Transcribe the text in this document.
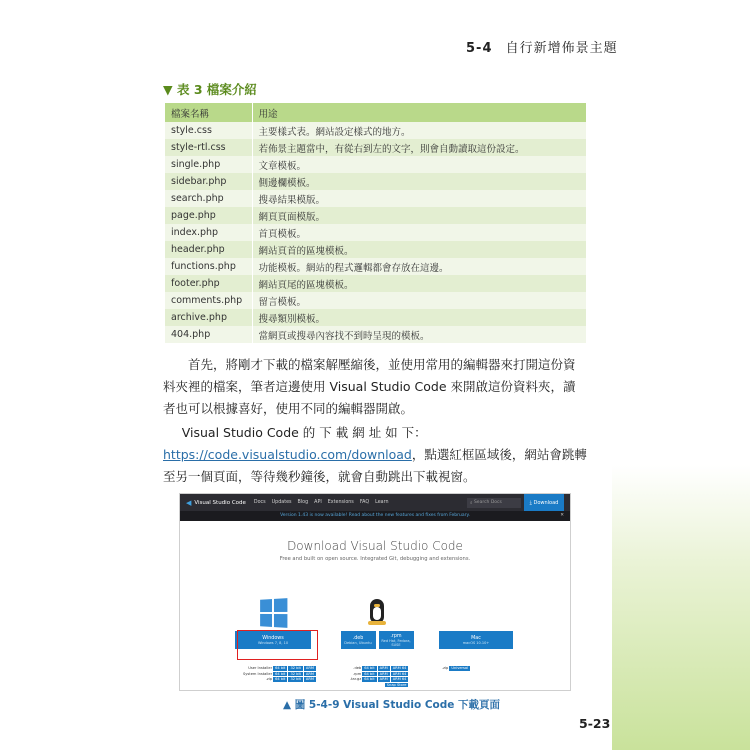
5-4 自行新增佈景主題
▼ 表 3 檔案介紹
檔案名稱	用途
style.css	主要樣式表。網站設定樣式的地方。
style-rtl.css	若佈景主題當中，有從右到左的文字，則會自動讀取這份設定。
single.php	文章模板。
sidebar.php	側邊欄模板。
search.php	搜尋結果模版。
page.php	網頁頁面模版。
index.php	首頁模板。
header.php	網站頁首的區塊模板。
functions.php	功能模板。網站的程式邏輯都會存放在這邊。
footer.php	網站頁尾的區塊模板。
comments.php	留言模板。
archive.php	搜尋類別模板。
404.php	當網頁或搜尋內容找不到時呈現的模板。

首先，將剛才下載的檔案解壓縮後，並使用常用的編輯器來打開這份資料夾裡的檔案，筆者這邊使用 Visual Studio Code 來開啟這份資料夾，讀者也可以根據喜好，使用不同的編輯器開啟。

Visual Studio Code 的 下 載 網 址 如 下：https://code.visualstudio.com/download，點選紅框區域後，網站會跳轉至另一個頁面，等待幾秒鐘後，就會自動跳出下載視窗。

◀ Visual Studio Code Docs Updates Blog API Extensions FAQ Learn	⌕ Search Docs	⤓ Download
Version 1.43 is now available! Read about the new features and fixes from February.	✕
Download Visual Studio Code
Free and built on open source. Integrated Git, debugging and extensions.
Windows
Windows 7, 8, 10
.deb
Debian, Ubuntu
.rpm
Red Hat, Fedora, SUSE
Mac
macOS 10.10+
User Installer 64 bit 32 bit ARM
System Installer 64 bit 32 bit ARM
.zip 64 bit 32 bit ARM
.deb 64 bit ARM ARM 64
.rpm 64 bit ARM ARM 64
.tar.gz 64 bit ARM ARM 64
Snap Store
.zip Universal
▲ 圖 5-4-9 Visual Studio Code 下載頁面
5-23
